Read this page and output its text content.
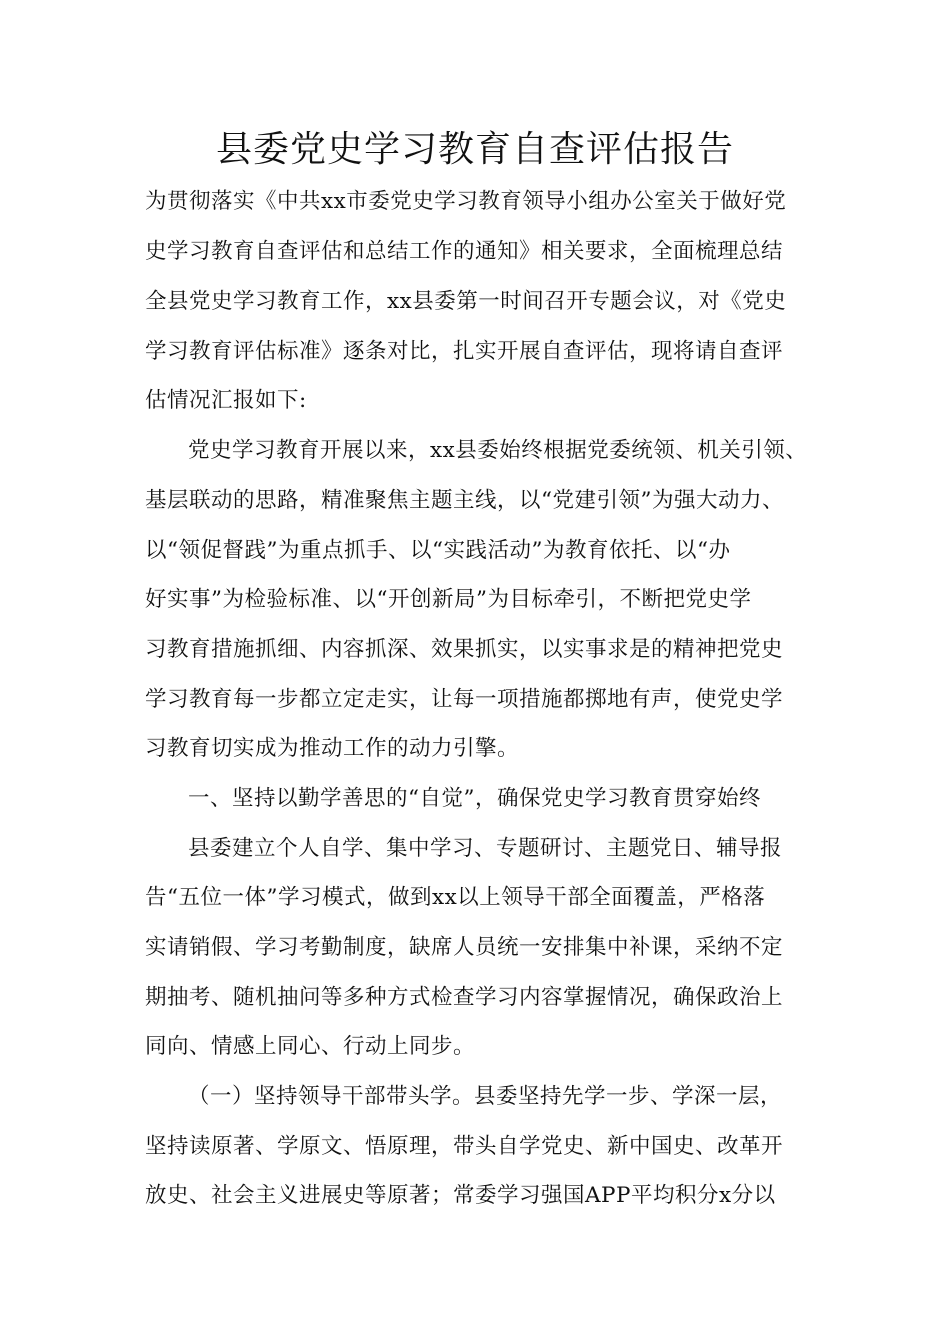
县委党史学习教育自查评估报告

为贯彻落实《中共xx市委党史学习教育领导小组办公室关于做好党

史学习教育自查评估和总结工作的通知》相关要求，全面梳理总结

全县党史学习教育工作，xx县委第一时间召开专题会议，对《党史

学习教育评估标准》逐条对比，扎实开展自查评估，现将请自查评

估情况汇报如下:

党史学习教育开展以来，xx县委始终根据党委统领、机关引领、

基层联动的思路，精准聚焦主题主线，以“党建引领”为强大动力、

以“领促督践”为重点抓手、以“实践活动”为教育依托、以“办

好实事”为检验标准、以“开创新局”为目标牵引，不断把党史学

习教育措施抓细、内容抓深、效果抓实，以实事求是的精神把党史

学习教育每一步都立定走实，让每一项措施都掷地有声，使党史学

习教育切实成为推动工作的动力引擎。

一、坚持以勤学善思的“自觉”，确保党史学习教育贯穿始终

县委建立个人自学、集中学习、专题研讨、主题党日、辅导报

告“五位一体”学习模式，做到xx以上领导干部全面覆盖，严格落

实请销假、学习考勤制度，缺席人员统一安排集中补课，采纳不定

期抽考、随机抽问等多种方式检查学习内容掌握情况，确保政治上

同向、情感上同心、行动上同步。

（一）坚持领导干部带头学。县委坚持先学一步、学深一层，

坚持读原著、学原文、悟原理，带头自学党史、新中国史、改革开

放史、社会主义进展史等原著；常委学习强国APP平均积分x分以
